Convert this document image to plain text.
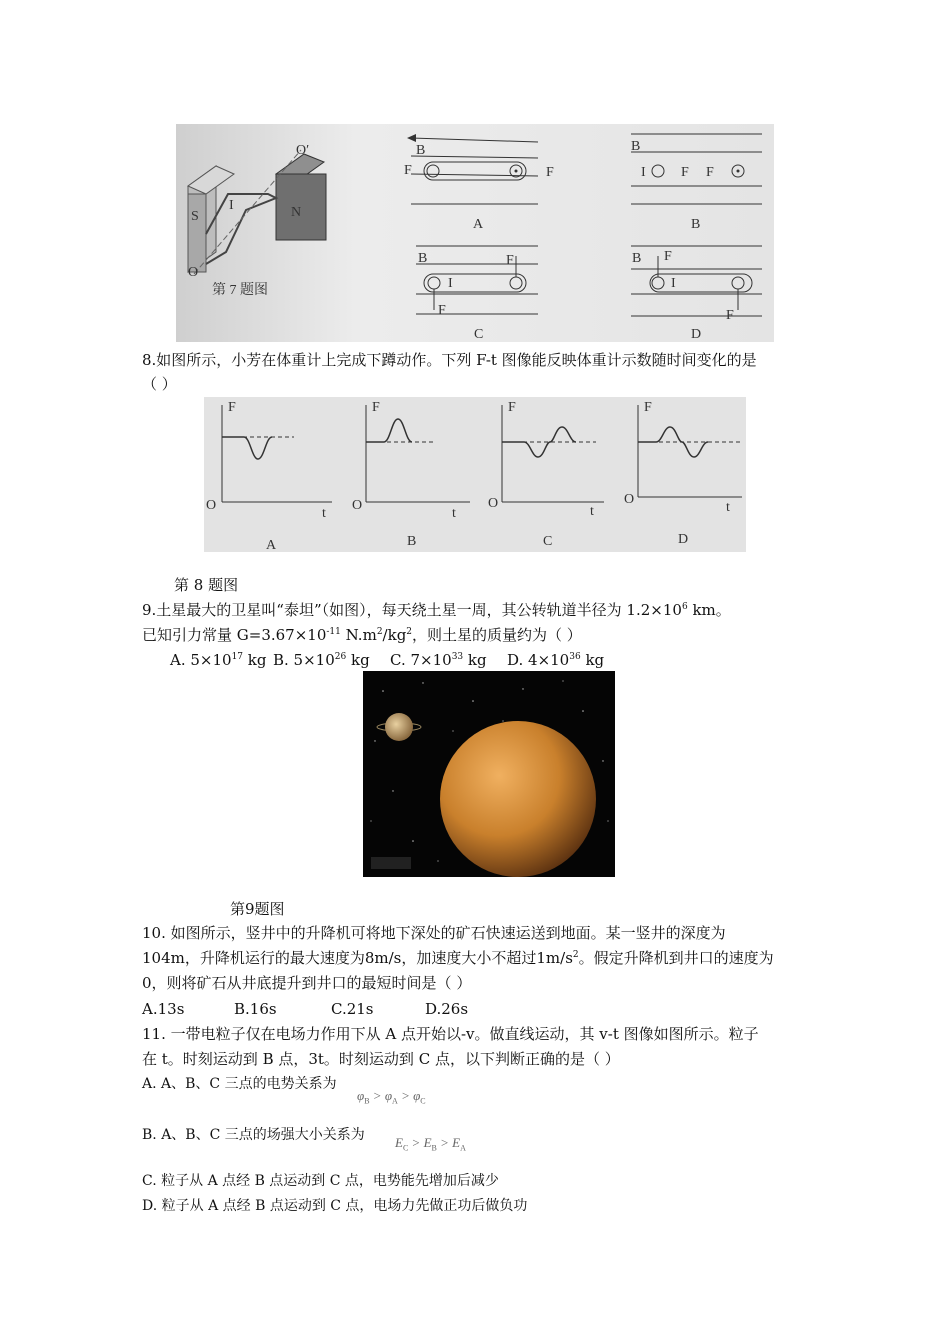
S	N
O′
O
I
第 7 题图
B
F	F
A
B
I	F F
B
B
I
F
F
C
B
I
F
F
D
8.如图所示，小芳在体重计上完成下蹲动作。下列 F-t 图像能反映体重计示数随时间变化的是
（ ）
F
t
O
A
F
t
O
B
F
t
O
C
F
t
O
D
第 8 题图
9.土星最大的卫星叫“泰坦”（如图），每天绕土星一周，其公转轨道半径为 $1.2\times 10^6$ km。
已知引力常量 $G=3.67\times 10^{-11}$ $N.m^2/kg^2$，则土星的质量约为（ ）
A. $5\times 10^{17}$ kg B. $5\times 10^{26}$ kg C. $7\times 10^{33}$ kg D. $4\times 10^{36}$ kg
第9题图
10. 如图所示，竖井中的升降机可将地下深处的矿石快速运送到地面。某一竖井的深度为
104m，升降机运行的最大速度为8m/s，加速度大小不超过$1m/s^2$。假定升降机到井口的速度为
0，则将矿石从井底提升到井口的最短时间是（ ）
A.13s	B.16s	C.21s	D.26s
11. 一带电粒子仅在电场力作用下从 A 点开始以-v。做直线运动，其 v-t 图像如图所示。粒子
在 t。时刻运动到 B 点，3t。时刻运动到 C 点，以下判断正确的是（ ）
A. A、B、C 三点的电势关系为
$\varphi_B > \varphi_A > \varphi_C$
B. A、B、C 三点的场强大小关系为 $E_C > E_B > E_A$
C. 粒子从 A 点经 B 点运动到 C 点，电势能先增加后减少
D. 粒子从 A 点经 B 点运动到 C 点，电场力先做正功后做负功
